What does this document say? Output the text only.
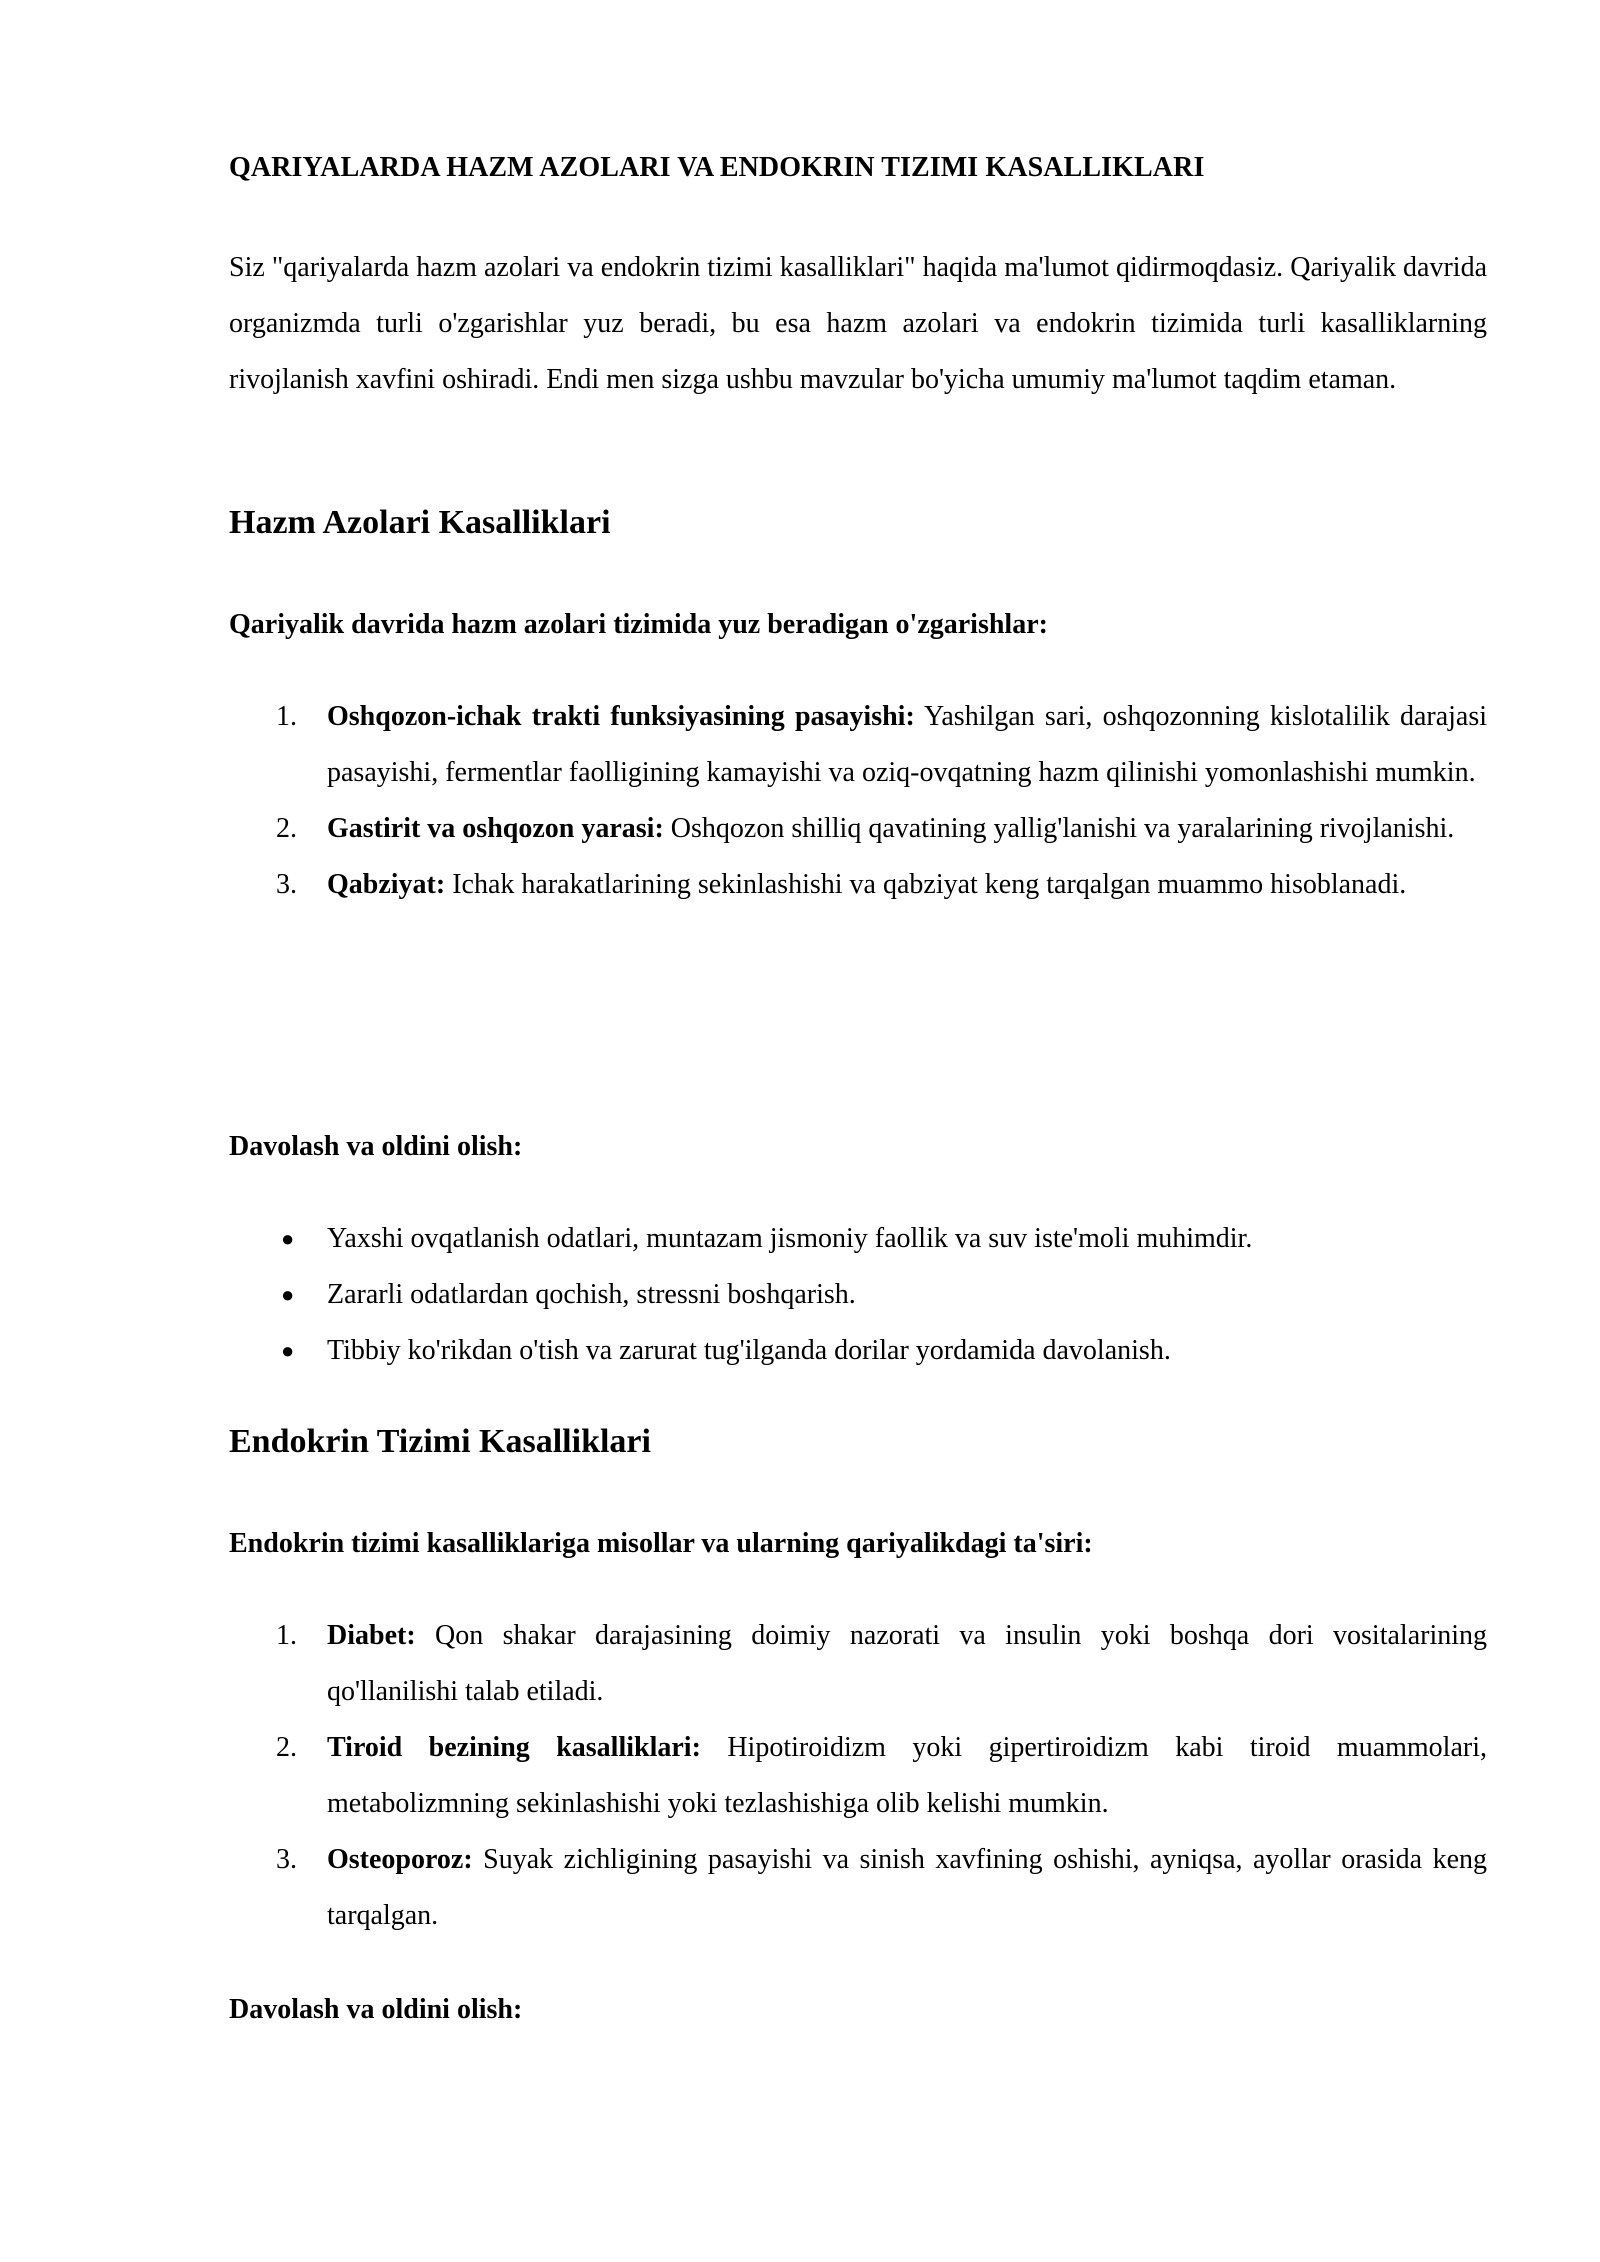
QARIYALARDA HAZM AZOLARI VA ENDOKRIN TIZIMI KASALLIKLARI

Siz "qariyalarda hazm azolari va endokrin tizimi kasalliklari" haqida ma'lumot qidirmoqdasiz. Qariyalik davrida organizmda turli o'zgarishlar yuz beradi, bu esa hazm azolari va endokrin tizimida turli kasalliklarning rivojlanish xavfini oshiradi. Endi men sizga ushbu mavzular bo'yicha umumiy ma'lumot taqdim etaman.

Hazm Azolari Kasalliklari
Qariyalik davrida hazm azolari tizimida yuz beradigan o'zgarishlar:
1. Oshqozon-ichak trakti funksiyasining pasayishi: Yashilgan sari, oshqozonning kislotalilik darajasi pasayishi, fermentlar faolligining kamayishi va oziq-ovqatning hazm qilinishi yomonlashishi mumkin.
2. Gastirit va oshqozon yarasi: Oshqozon shilliq qavatining yallig'lanishi va yaralarining rivojlanishi.
3. Qabziyat: Ichak harakatlarining sekinlashishi va qabziyat keng tarqalgan muammo hisoblanadi.
Davolash va oldini olish:
● Yaxshi ovqatlanish odatlari, muntazam jismoniy faollik va suv iste'moli muhimdir.
● Zararli odatlardan qochish, stressni boshqarish.
● Tibbiy ko'rikdan o'tish va zarurat tug'ilganda dorilar yordamida davolanish.
Endokrin Tizimi Kasalliklari
Endokrin tizimi kasalliklariga misollar va ularning qariyalikdagi ta'siri:
1. Diabet: Qon shakar darajasining doimiy nazorati va insulin yoki boshqa dori vositalarining qo'llanilishi talab etiladi.
2. Tiroid bezining kasalliklari: Hipotiroidizm yoki gipertiroidizm kabi tiroid muammolari, metabolizmning sekinlashishi yoki tezlashishiga olib kelishi mumkin.
3. Osteoporoz: Suyak zichligining pasayishi va sinish xavfining oshishi, ayniqsa, ayollar orasida keng tarqalgan.
Davolash va oldini olish:
